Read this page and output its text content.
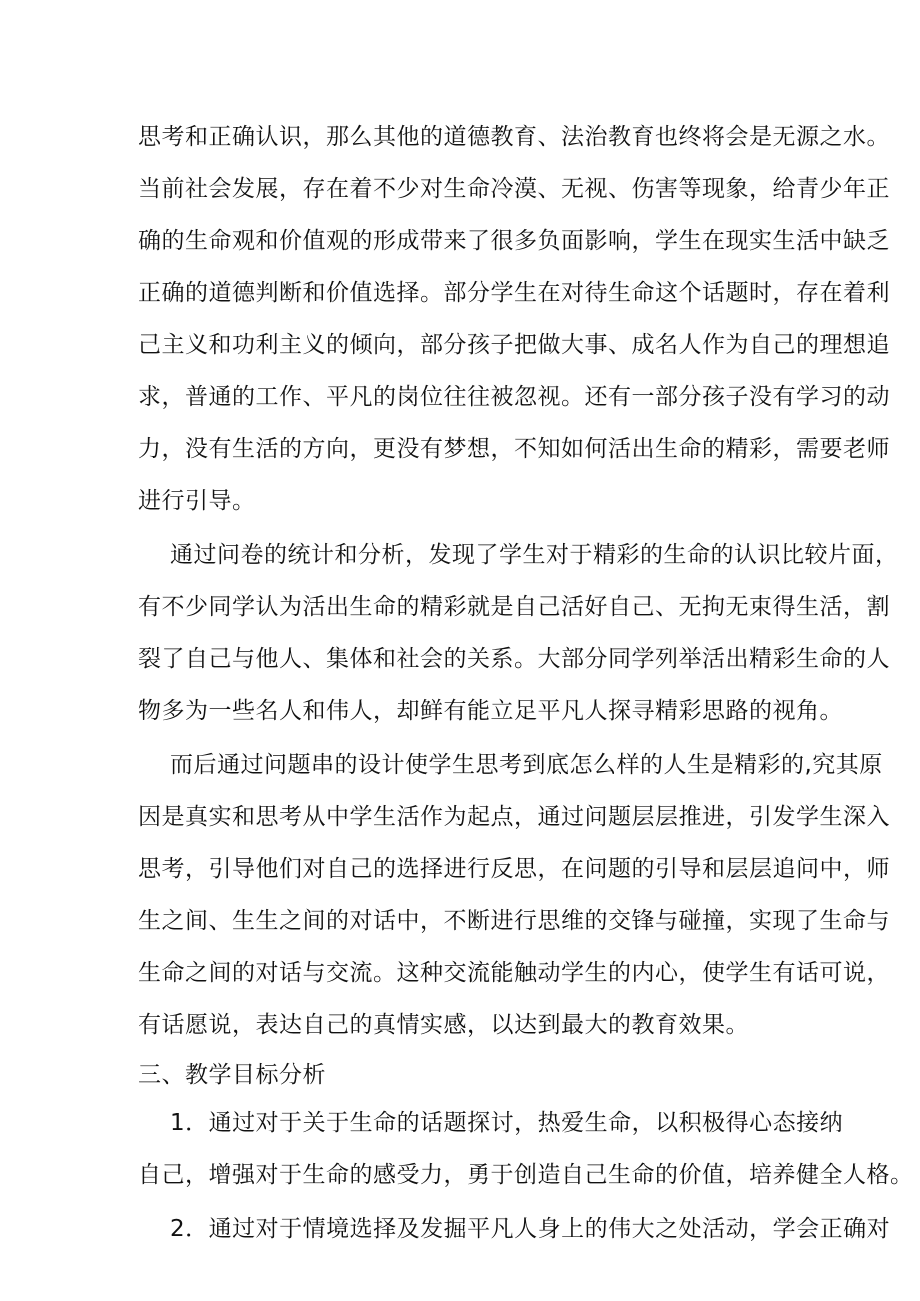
思考和正确认识，那么其他的道德教育、法治教育也终将会是无源之水。
当前社会发展，存在着不少对生命冷漠、无视、伤害等现象，给青少年正
确的生命观和价值观的形成带来了很多负面影响，学生在现实生活中缺乏
正确的道德判断和价值选择。部分学生在对待生命这个话题时，存在着利
己主义和功利主义的倾向，部分孩子把做大事、成名人作为自己的理想追
求，普通的工作、平凡的岗位往往被忽视。还有一部分孩子没有学习的动
力，没有生活的方向，更没有梦想，不知如何活出生命的精彩，需要老师
进行引导。
通过问卷的统计和分析，发现了学生对于精彩的生命的认识比较片面，
有不少同学认为活出生命的精彩就是自己活好自己、无拘无束得生活，割
裂了自己与他人、集体和社会的关系。大部分同学列举活出精彩生命的人
物多为一些名人和伟人，却鲜有能立足平凡人探寻精彩思路的视角。
而后通过问题串的设计使学生思考到底怎么样的人生是精彩的,究其原
因是真实和思考从中学生活作为起点，通过问题层层推进，引发学生深入
思考，引导他们对自己的选择进行反思，在问题的引导和层层追问中，师
生之间、生生之间的对话中，不断进行思维的交锋与碰撞，实现了生命与
生命之间的对话与交流。这种交流能触动学生的内心，使学生有话可说，
有话愿说，表达自己的真情实感，以达到最大的教育效果。
三、教学目标分析
1．通过对于关于生命的话题探讨，热爱生命，以积极得心态接纳
自己，增强对于生命的感受力，勇于创造自己生命的价值，培养健全人格。
2．通过对于情境选择及发掘平凡人身上的伟大之处活动，学会正确对
